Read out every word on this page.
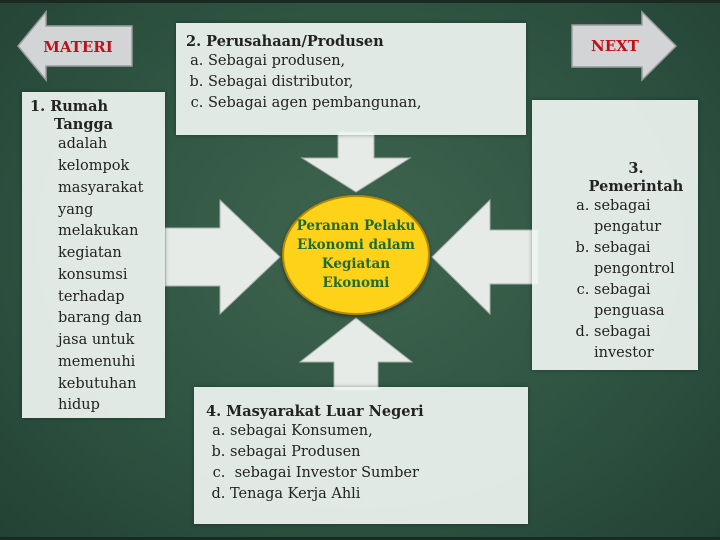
MATERI	NEXT
1. Rumah
Tangga
adalah kelompok masyarakat yang melakukan kegiatan konsumsi terhadap barang dan jasa untuk memenuhi kebutuhan hidup
2. Perusahaan/Produsen
a. Sebagai produsen,
b. Sebagai distributor,
c. Sebagai agen pembangunan,
3. Pemerintah
a. sebagai pengatur
b. sebagai pengontrol
c. sebagai penguasa
d. sebagai investor
4. Masyarakat Luar Negeri
a. sebagai Konsumen,
b. sebagai Produsen
c.  sebagai Investor Sumber
d. Tenaga Kerja Ahli
Peranan Pelaku
Ekonomi dalam
Kegiatan Ekonomi
